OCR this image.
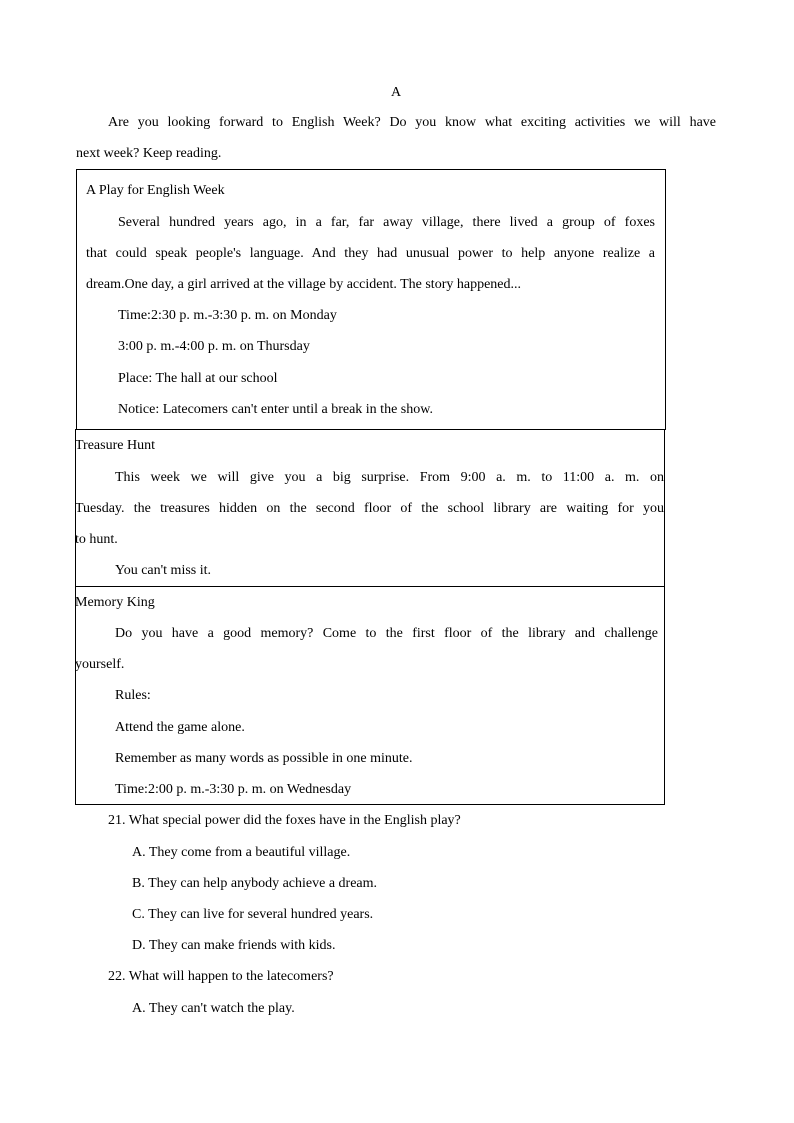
A
Are you looking forward to English Week? Do you know what exciting activities we will have
next week? Keep reading.
A Play for English Week
Several hundred years ago, in a far, far away village, there lived a group of foxes
that could speak people's language. And they had unusual power to help anyone realize a
dream.One day, a girl arrived at the village by accident. The story happened...
Time:2:30 p. m.-3:30 p. m. on Monday
3:00 p. m.-4:00 p. m. on Thursday
Place: The hall at our school
Notice: Latecomers can't enter until a break in the show.
Treasure Hunt
This week we will give you a big surprise. From 9:00 a. m. to 11:00 a. m. on
Tuesday. the treasures hidden on the second floor of the school library are waiting for you
to hunt.
You can't miss it.
Memory King
Do you have a good memory? Come to the first floor of the library and challenge
yourself.
Rules:
Attend the game alone.
Remember as many words as possible in one minute.
Time:2:00 p. m.-3:30 p. m. on Wednesday
21. What special power did the foxes have in the English play?
A. They come from a beautiful village.
B. They can help anybody achieve a dream.
C. They can live for several hundred years.
D. They can make friends with kids.
22. What will happen to the latecomers?
A. They can't watch the play.
